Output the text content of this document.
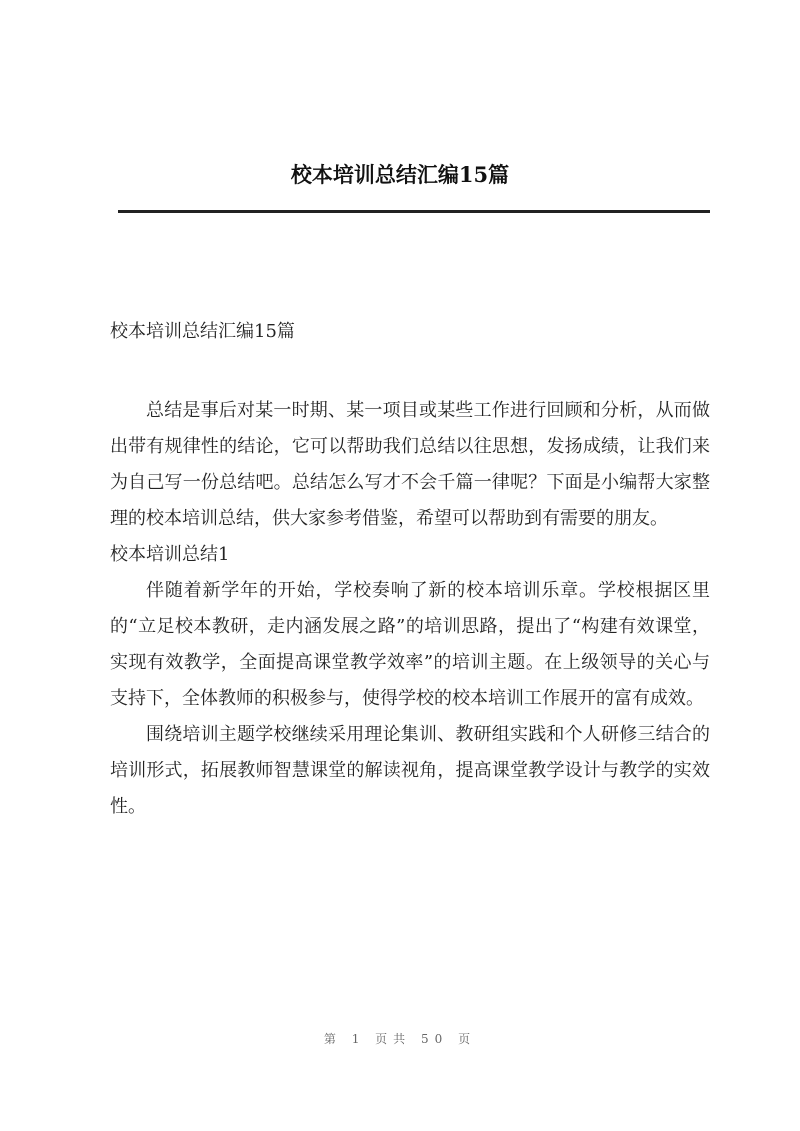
校本培训总结汇编15篇
校本培训总结汇编15篇

总结是事后对某一时期、某一项目或某些工作进行回顾和分析，从而做出带有规律性的结论，它可以帮助我们总结以往思想，发扬成绩，让我们来为自己写一份总结吧。总结怎么写才不会千篇一律呢？下面是小编帮大家整理的校本培训总结，供大家参考借鉴，希望可以帮助到有需要的朋友。

校本培训总结1

伴随着新学年的开始，学校奏响了新的校本培训乐章。学校根据区里的“立足校本教研，走内涵发展之路”的培训思路，提出了“构建有效课堂，实现有效教学，全面提高课堂教学效率”的培训主题。在上级领导的关心与支持下，全体教师的积极参与，使得学校的校本培训工作展开的富有成效。

围绕培训主题学校继续采用理论集训、教研组实践和个人研修三结合的培训形式，拓展教师智慧课堂的解读视角，提高课堂教学设计与教学的实效性。

第 1 页共 50 页
